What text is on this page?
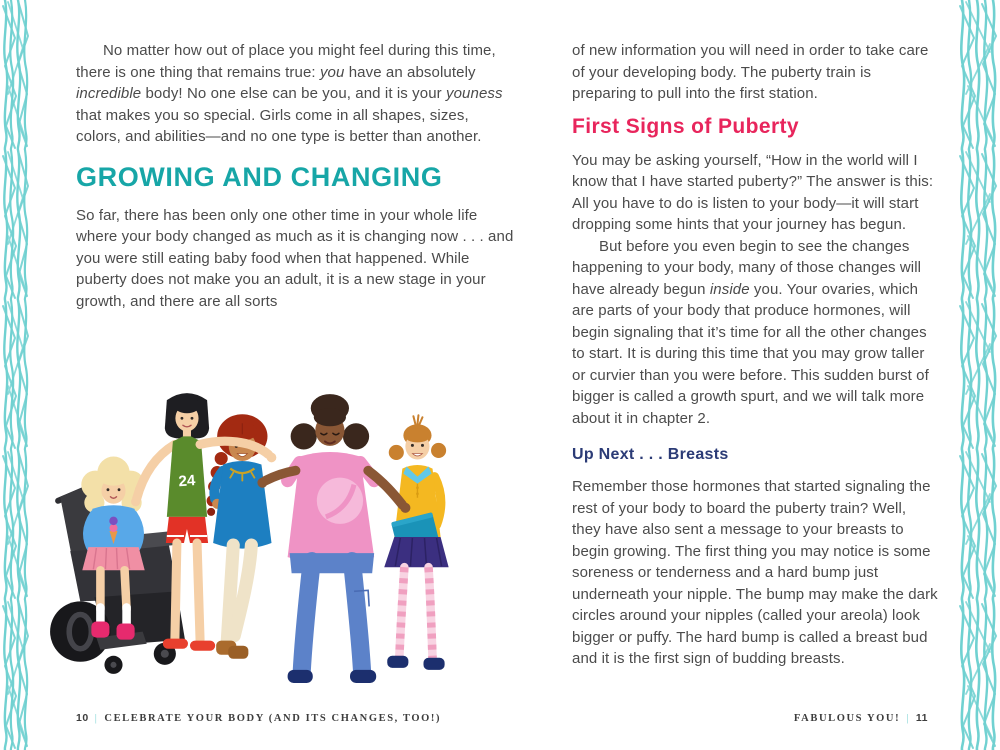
No matter how out of place you might feel during this time, there is one thing that remains true: you have an absolutely incredible body! No one else can be you, and it is your youness that makes you so special. Girls come in all shapes, sizes, colors, and abilities—and no one type is better than another.

GROWING AND CHANGING

So far, there has been only one other time in your whole life where your body changed as much as it is changing now . . . and you were still eating baby food when that happened. While puberty does not make you an adult, it is a new stage in your growth, and there are all sorts

24

of new information you will need in order to take care of your developing body. The puberty train is preparing to pull into the first station.

First Signs of Puberty

You may be asking yourself, “How in the world will I know that I have started puberty?” The answer is this: All you have to do is listen to your body—it will start dropping some hints that your journey has begun.

But before you even begin to see the changes happening to your body, many of those changes will have already begun inside you. Your ovaries, which are parts of your body that produce hormones, will begin signaling that it’s time for all the other changes to start. It is during this time that you may grow taller or curvier than you were before. This sudden burst of bigger is called a growth spurt, and we will talk more about it in chapter 2.

Up Next . . . Breasts

Remember those hormones that started signaling the rest of your body to board the puberty train? Well, they have also sent a message to your breasts to begin growing. The first thing you may notice is some soreness or tenderness and a hard bump just underneath your nipple. The bump may make the dark circles around your nipples (called your areola) look bigger or puffy. The hard bump is called a breast bud and it is the first sign of budding breasts.

10 | CELEBRATE YOUR BODY (AND ITS CHANGES, TOO!)	FABULOUS YOU! | 11
